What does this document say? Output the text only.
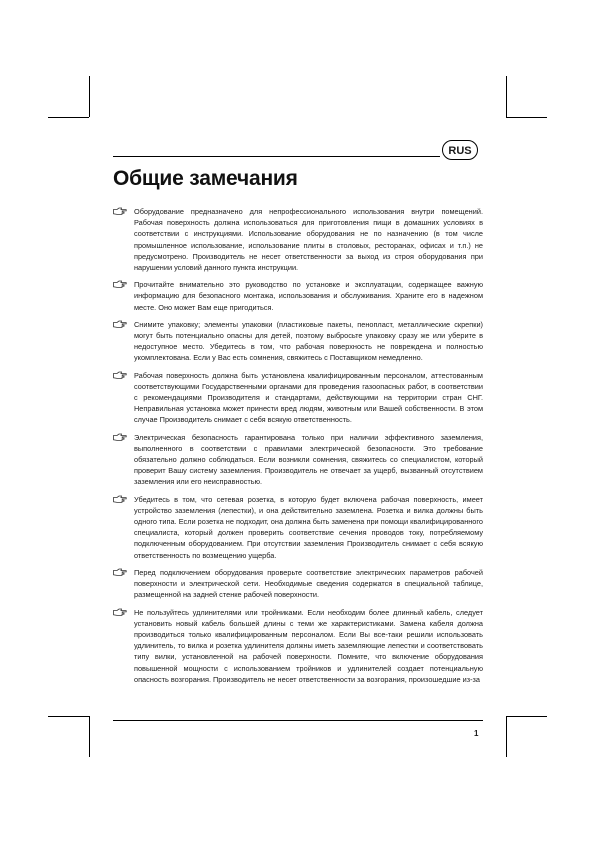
RUS
Общие замечания

Оборудование предназначено для непрофессионального использования внутри помещений. Рабочая поверхность должна использоваться для приготовления пищи в домашних условиях в соответствии с инструкциями. Использование оборудования не по назначению (в том числе промышленное использование, использование плиты в столовых, ресторанах, офисах и т.п.) не предусмотрено. Производитель не несет ответственности за выход из строя оборудования при нарушении условий данного пункта инструкции.

Прочитайте внимательно это руководство по установке и эксплуатации, содержащее важную информацию для безопасного монтажа, использования и обслуживания. Храните его в надежном месте. Оно может Вам еще пригодиться.

Снимите упаковку; элементы упаковки (пластиковые пакеты, пенопласт, металлические скрепки) могут быть потенциально опасны для детей, поэтому выбросьте упаковку сразу же или уберите в недоступное место. Убедитесь в том, что рабочая поверхность не повреждена и полностью укомплектована. Если у Вас есть сомнения, свяжитесь с Поставщиком немедленно.

Рабочая поверхность должна быть установлена квалифицированным персоналом, аттестованным соответствующими Государственными органами для проведения газоопасных работ, в соответствии с рекомендациями Производителя и стандартами, действующими на территории стран СНГ. Неправильная установка может принести вред людям, животным или Вашей собственности. В этом случае Производитель снимает с себя всякую ответственность.

Электрическая безопасность гарантирована только при наличии эффективного заземления, выполненного в соответствии с правилами электрической безопасности. Это требование обязательно должно соблюдаться. Если возникли сомнения, свяжитесь со специалистом, который проверит Вашу систему заземления. Производитель не отвечает за ущерб, вызванный отсутствием заземления или его неисправностью.

Убедитесь в том, что сетевая розетка, в которую будет включена рабочая поверхность, имеет устройство заземления (лепестки), и она действительно заземлена. Розетка и вилка должны быть одного типа. Если розетка не подходит, она должна быть заменена при помощи квалифицированного специалиста, который должен проверить соответствие сечения проводов току, потребляемому подключенным оборудованием. При отсутствии заземления Производитель снимает с себя всякую ответственность по возмещению ущерба.

Перед подключением оборудования проверьте соответствие электрических параметров рабочей поверхности и электрической сети. Необходимые сведения содержатся в специальной таблице, размещенной на задней стенке рабочей поверхности.

Не пользуйтесь удлинителями или тройниками. Если необходим более длинный кабель, следует установить новый кабель большей длины с теми же характеристиками. Замена кабеля должна производиться только квалифицированным персоналом. Если Вы все-таки решили использовать удлинитель, то вилка и розетка удлинителя должны иметь заземляющие лепестки и соответствовать типу вилки, установленной на рабочей поверхности. Помните, что включение оборудования повышенной мощности с использованием тройников и удлинителей создает потенциальную опасность возгорания. Производитель не несет ответственности за возгорания, произошедшие из-за

1
